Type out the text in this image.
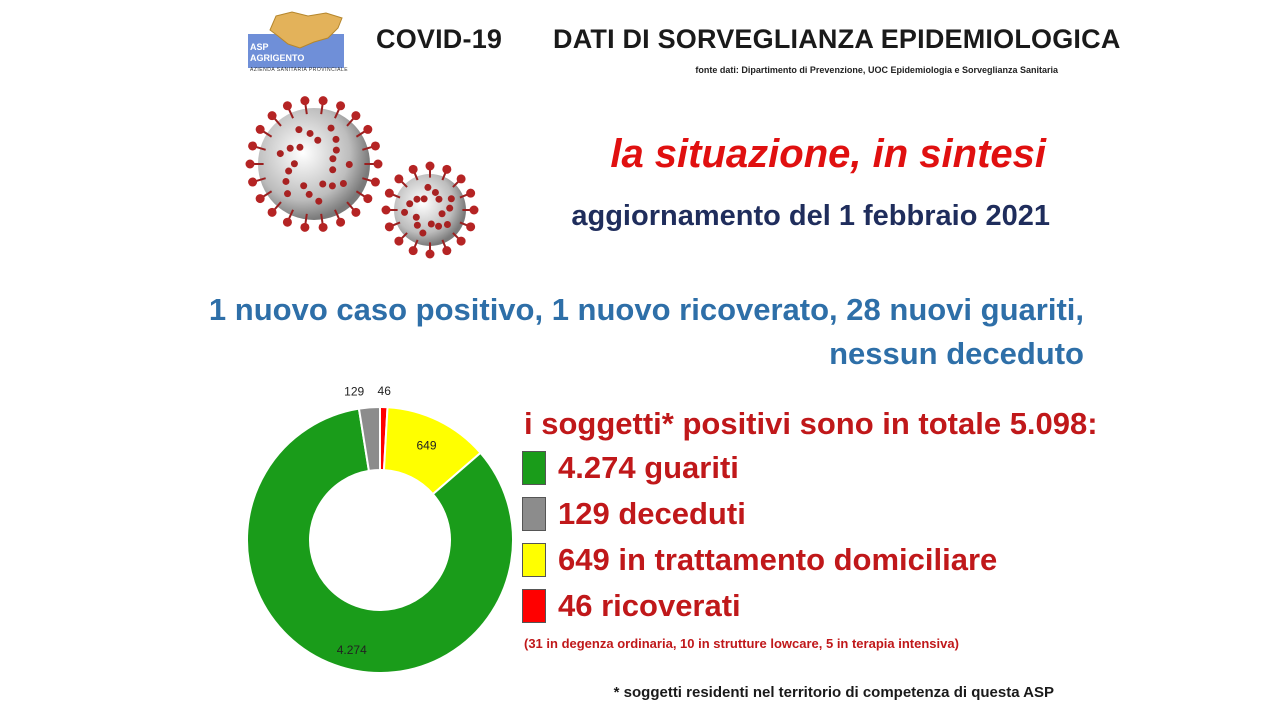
ASP
AGRIGENTO
AZIENDA SANITARIA PROVINCIALE
COVID-19 DATI DI SORVEGLIANZA EPIDEMIOLOGICA
fonte dati: Dipartimento di Prevenzione, UOC Epidemiologia e Sorveglianza Sanitaria
la situazione, in sintesi
aggiornamento del 1 febbraio 2021
1 nuovo caso positivo, 1 nuovo ricoverato, 28 nuovi guariti,
nessun deceduto
46
649
4.274
129
i soggetti* positivi sono in totale 5.098:
4.274 guariti
129 deceduti
649 in trattamento domiciliare
46 ricoverati
(31 in degenza ordinaria, 10 in strutture lowcare, 5 in terapia intensiva)
* soggetti residenti nel territorio di competenza di questa ASP
